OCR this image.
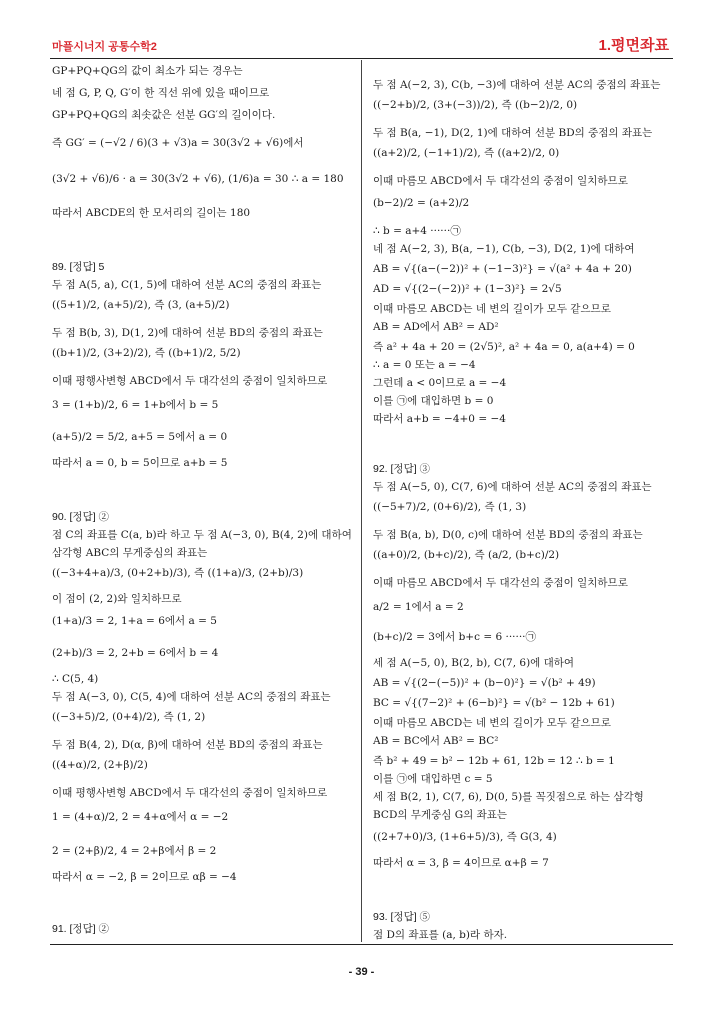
마플시너지 공통수학2	1.평면좌표
GP+PQ+QG의 값이 최소가 되는 경우는
네 점 G, P, Q, G′이 한 직선 위에 있을 때이므로
GP+PQ+QG의 최솟값은 선분 GG′의 길이이다.
즉 GG′ = (−√2 / 6)(3 + √3)a = 30(3√2 + √6)에서
(3√2 + √6)/6 · a = 30(3√2 + √6), (1/6)a = 30 ∴ a = 180
따라서 ABCDE의 한 모서리의 길이는 180
89. [정답] 5
두 점 A(5, a), C(1, 5)에 대하여 선분 AC의 중점의 좌표는
((5+1)/2, (a+5)/2), 즉 (3, (a+5)/2)
두 점 B(b, 3), D(1, 2)에 대하여 선분 BD의 중점의 좌표는
((b+1)/2, (3+2)/2), 즉 ((b+1)/2, 5/2)
이때 평행사변형 ABCD에서 두 대각선의 중점이 일치하므로
3 = (1+b)/2, 6 = 1+b에서 b = 5
(a+5)/2 = 5/2, a+5 = 5에서 a = 0
따라서 a = 0, b = 5이므로 a+b = 5
90. [정답] ②
점 C의 좌표를 C(a, b)라 하고 두 점 A(−3, 0), B(4, 2)에 대하여
삼각형 ABC의 무게중심의 좌표는
((−3+4+a)/3, (0+2+b)/3), 즉 ((1+a)/3, (2+b)/3)
이 점이 (2, 2)와 일치하므로
(1+a)/3 = 2, 1+a = 6에서 a = 5
(2+b)/3 = 2, 2+b = 6에서 b = 4
∴ C(5, 4)
두 점 A(−3, 0), C(5, 4)에 대하여 선분 AC의 중점의 좌표는
((−3+5)/2, (0+4)/2), 즉 (1, 2)
두 점 B(4, 2), D(α, β)에 대하여 선분 BD의 중점의 좌표는
((4+α)/2, (2+β)/2)
이때 평행사변형 ABCD에서 두 대각선의 중점이 일치하므로
1 = (4+α)/2, 2 = 4+α에서 α = −2
2 = (2+β)/2, 4 = 2+β에서 β = 2
따라서 α = −2, β = 2이므로 αβ = −4
91. [정답] ②
두 점 A(−2, 3), C(b, −3)에 대하여 선분 AC의 중점의 좌표는
((−2+b)/2, (3+(−3))/2), 즉 ((b−2)/2, 0)
두 점 B(a, −1), D(2, 1)에 대하여 선분 BD의 중점의 좌표는
((a+2)/2, (−1+1)/2), 즉 ((a+2)/2, 0)
이때 마름모 ABCD에서 두 대각선의 중점이 일치하므로
(b−2)/2 = (a+2)/2
∴ b = a+4 ······㉠
네 점 A(−2, 3), B(a, −1), C(b, −3), D(2, 1)에 대하여
AB = √{(a−(−2))² + (−1−3)²} = √(a² + 4a + 20)
AD = √{(2−(−2))² + (1−3)²} = 2√5
이때 마름모 ABCD는 네 변의 길이가 모두 같으므로
AB = AD에서 AB² = AD²
즉 a² + 4a + 20 = (2√5)², a² + 4a = 0, a(a+4) = 0
∴ a = 0 또는 a = −4
그런데 a < 0이므로 a = −4
이를 ㉠에 대입하면 b = 0
따라서 a+b = −4+0 = −4
92. [정답] ③
두 점 A(−5, 0), C(7, 6)에 대하여 선분 AC의 중점의 좌표는
((−5+7)/2, (0+6)/2), 즉 (1, 3)
두 점 B(a, b), D(0, c)에 대하여 선분 BD의 중점의 좌표는
((a+0)/2, (b+c)/2), 즉 (a/2, (b+c)/2)
이때 마름모 ABCD에서 두 대각선의 중점이 일치하므로
a/2 = 1에서 a = 2
(b+c)/2 = 3에서 b+c = 6 ······㉠
세 점 A(−5, 0), B(2, b), C(7, 6)에 대하여
AB = √{(2−(−5))² + (b−0)²} = √(b² + 49)
BC = √{(7−2)² + (6−b)²} = √(b² − 12b + 61)
이때 마름모 ABCD는 네 변의 길이가 모두 같으므로
AB = BC에서 AB² = BC²
즉 b² + 49 = b² − 12b + 61, 12b = 12 ∴ b = 1
이를 ㉠에 대입하면 c = 5
세 점 B(2, 1), C(7, 6), D(0, 5)를 꼭짓점으로 하는 삼각형
BCD의 무게중심 G의 좌표는
((2+7+0)/3, (1+6+5)/3), 즉 G(3, 4)
따라서 α = 3, β = 4이므로 α+β = 7
93. [정답] ⑤
점 D의 좌표를 (a, b)라 하자.
- 39 -
